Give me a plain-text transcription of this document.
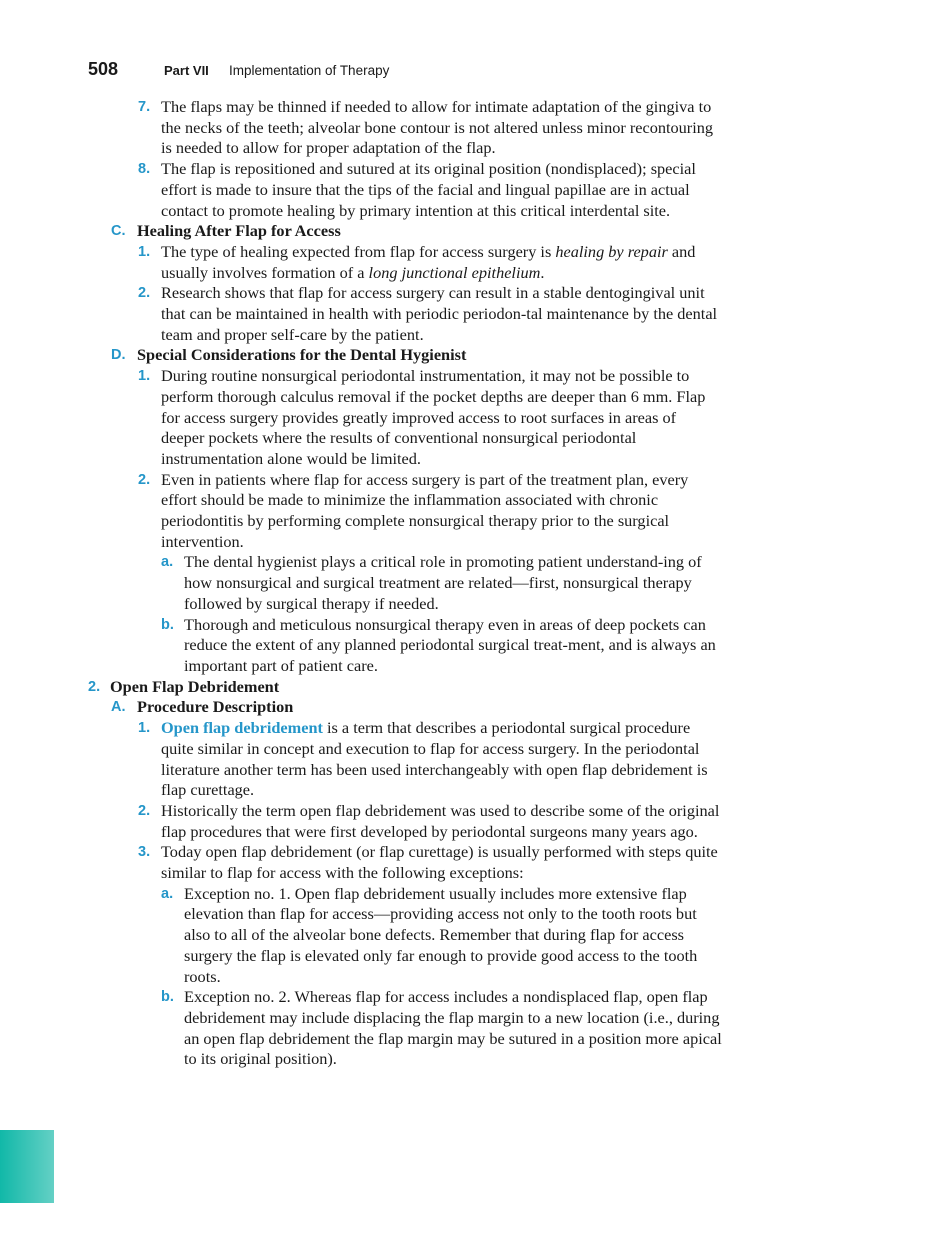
508	Part VII Implementation of Therapy
7. The flaps may be thinned if needed to allow for intimate adaptation of the gingiva to the necks of the teeth; alveolar bone contour is not altered unless minor recontouring is needed to allow for proper adaptation of the flap.
8. The flap is repositioned and sutured at its original position (nondisplaced); special effort is made to insure that the tips of the facial and lingual papillae are in actual contact to promote healing by primary intention at this critical interdental site.
C. Healing After Flap for Access
1. The type of healing expected from flap for access surgery is healing by repair and usually involves formation of a long junctional epithelium.
2. Research shows that flap for access surgery can result in a stable dentogingival unit that can be maintained in health with periodic periodon-tal maintenance by the dental team and proper self-care by the patient.
D. Special Considerations for the Dental Hygienist
1. During routine nonsurgical periodontal instrumentation, it may not be possible to perform thorough calculus removal if the pocket depths are deeper than 6 mm. Flap for access surgery provides greatly improved access to root surfaces in areas of deeper pockets where the results of conventional nonsurgical periodontal instrumentation alone would be limited.
2. Even in patients where flap for access surgery is part of the treatment plan, every effort should be made to minimize the inflammation associated with chronic periodontitis by performing complete nonsurgical therapy prior to the surgical intervention.
a. The dental hygienist plays a critical role in promoting patient understand-ing of how nonsurgical and surgical treatment are related—first, nonsurgical therapy followed by surgical therapy if needed.
b. Thorough and meticulous nonsurgical therapy even in areas of deep pockets can reduce the extent of any planned periodontal surgical treat-ment, and is always an important part of patient care.
2. Open Flap Debridement
A. Procedure Description
1. Open flap debridement is a term that describes a periodontal surgical procedure quite similar in concept and execution to flap for access surgery. In the periodontal literature another term has been used interchangeably with open flap debridement is flap curettage.
2. Historically the term open flap debridement was used to describe some of the original flap procedures that were first developed by periodontal surgeons many years ago.
3. Today open flap debridement (or flap curettage) is usually performed with steps quite similar to flap for access with the following exceptions:
a. Exception no. 1. Open flap debridement usually includes more extensive flap elevation than flap for access—providing access not only to the tooth roots but also to all of the alveolar bone defects. Remember that during flap for access surgery the flap is elevated only far enough to provide good access to the tooth roots.
b. Exception no. 2. Whereas flap for access includes a nondisplaced flap, open flap debridement may include displacing the flap margin to a new location (i.e., during an open flap debridement the flap margin may be sutured in a position more apical to its original position).
